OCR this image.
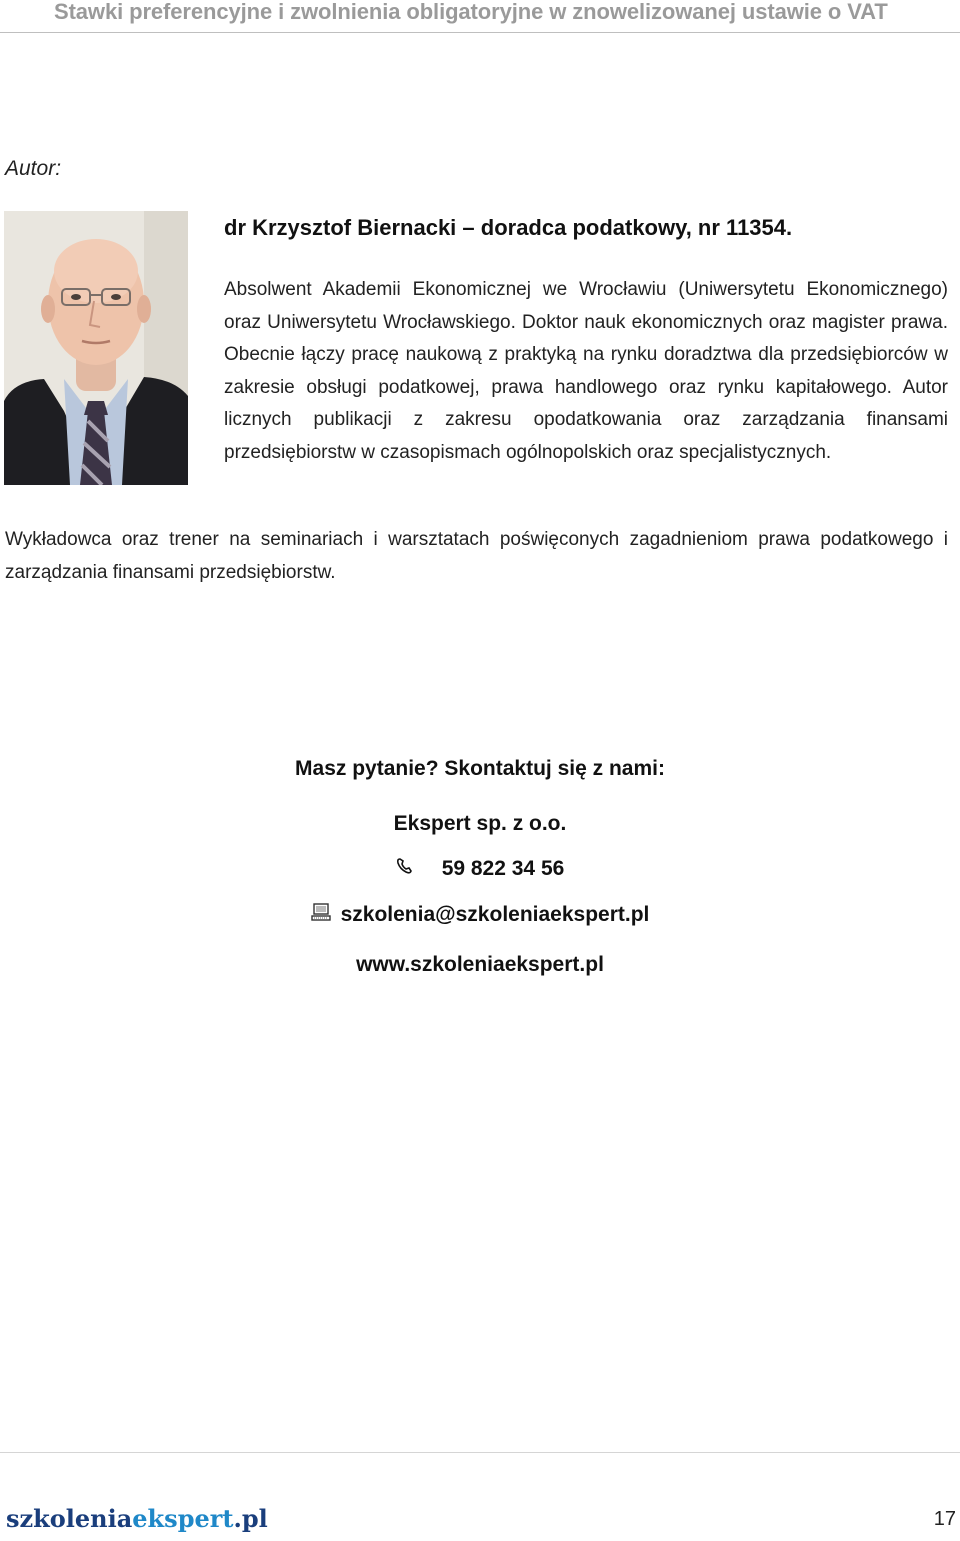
Stawki preferencyjne i zwolnienia obligatoryjne w znowelizowanej ustawie o VAT
Autor:
dr Krzysztof Biernacki – doradca podatkowy, nr 11354.

Absolwent Akademii Ekonomicznej we Wrocławiu (Uniwersytetu Ekonomicznego) oraz Uniwersytetu Wrocławskiego. Doktor nauk ekonomicznych oraz magister prawa. Obecnie łączy pracę naukową z praktyką na rynku doradztwa dla przedsiębiorców w zakresie obsługi podatkowej, prawa handlowego oraz rynku kapitałowego. Autor licznych publikacji z zakresu opodatkowania oraz zarządzania finansami przedsiębiorstw w czasopismach ogólnopolskich oraz specjalistycznych.

Wykładowca oraz trener na seminariach i warsztatach poświęconych zagadnieniom prawa podatkowego i zarządzania finansami przedsiębiorstw.

Masz pytanie? Skontaktuj się z nami:
Ekspert sp. z o.o.
59 822 34 56
szkolenia@szkoleniaekspert.pl
www.szkoleniaekspert.pl
szkoleniaekspert.pl	17
